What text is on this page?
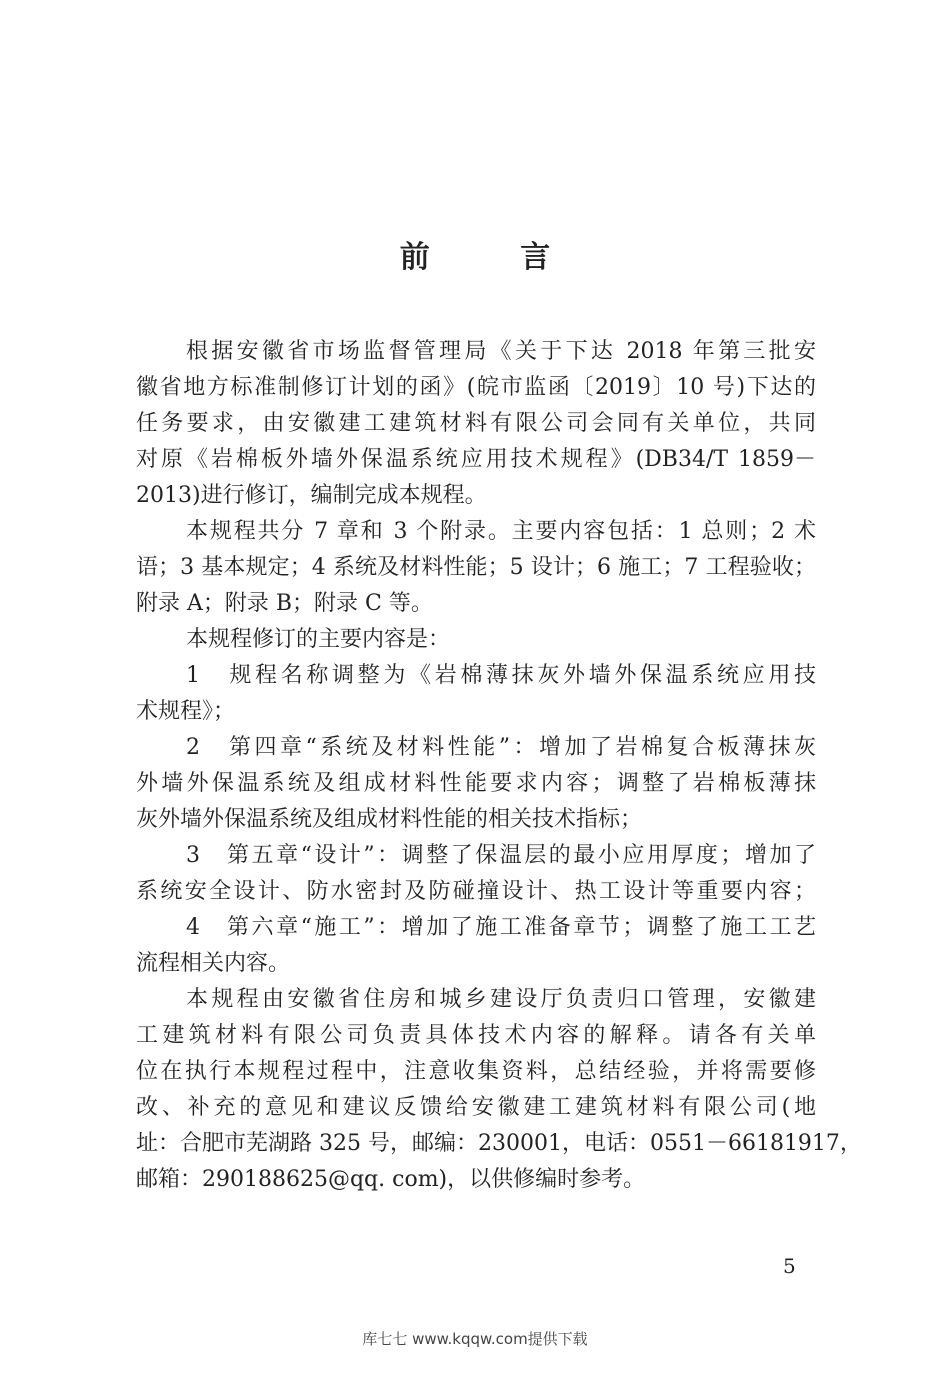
前 言
根据安徽省市场监督管理局《关于下达 2018 年第三批安
徽省地方标准制修订计划的函》(皖市监函〔2019〕10 号)下达的
任务要求，由安徽建工建筑材料有限公司会同有关单位，共同
对原《岩棉板外墙外保温系统应用技术规程》(DB34/T 1859－
2013)进行修订，编制完成本规程。
本规程共分 7 章和 3 个附录。主要内容包括：1 总则；2 术
语；3 基本规定；4 系统及材料性能；5 设计；6 施工；7 工程验收；
附录 A；附录 B；附录 C 等。
本规程修订的主要内容是：
1　规程名称调整为《岩棉薄抹灰外墙外保温系统应用技
术规程》；
2　第四章“系统及材料性能”：增加了岩棉复合板薄抹灰
外墙外保温系统及组成材料性能要求内容；调整了岩棉板薄抹
灰外墙外保温系统及组成材料性能的相关技术指标；
3　第五章“设计”：调整了保温层的最小应用厚度；增加了
系统安全设计、防水密封及防碰撞设计、热工设计等重要内容；
4　第六章“施工”：增加了施工准备章节；调整了施工工艺
流程相关内容。
本规程由安徽省住房和城乡建设厅负责归口管理，安徽建
工建筑材料有限公司负责具体技术内容的解释。请各有关单
位在执行本规程过程中，注意收集资料，总结经验，并将需要修
改、补充的意见和建议反馈给安徽建工建筑材料有限公司(地
址：合肥市芜湖路 325 号，邮编：230001，电话：0551－66181917，
邮箱：290188625@qq. com)，以供修编时参考。
5
库七七 www.kqqw.com提供下载
